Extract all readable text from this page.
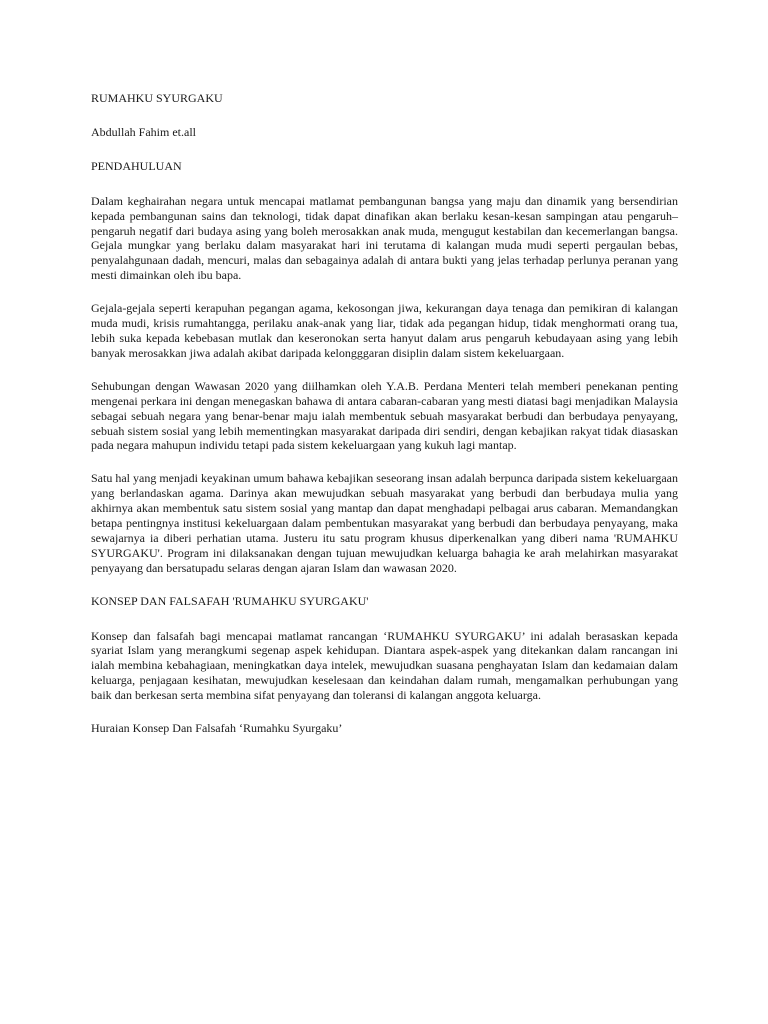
RUMAHKU SYURGAKU
Abdullah Fahim et.all
PENDAHULUAN

Dalam keghairahan negara untuk mencapai matlamat pembangunan bangsa yang maju dan dinamik yang bersendirian kepada pembangunan sains dan teknologi, tidak dapat dinafikan akan berlaku kesan-kesan sampingan atau pengaruh–pengaruh negatif dari budaya asing yang boleh merosakkan anak muda, mengugut kestabilan dan kecemerlangan bangsa. Gejala mungkar yang berlaku dalam masyarakat hari ini terutama di kalangan muda mudi seperti pergaulan bebas, penyalahgunaan dadah, mencuri, malas dan sebagainya adalah di antara bukti yang jelas terhadap perlunya peranan yang mesti dimainkan oleh ibu bapa.

Gejala-gejala seperti kerapuhan pegangan agama, kekosongan jiwa, kekurangan daya tenaga dan pemikiran di kalangan muda mudi, krisis rumahtangga, perilaku anak-anak yang liar, tidak ada pegangan hidup, tidak menghormati orang tua, lebih suka kepada kebebasan mutlak dan keseronokan serta hanyut dalam arus pengaruh kebudayaan asing yang lebih banyak merosakkan jiwa adalah akibat daripada kelongggaran disiplin dalam sistem kekeluargaan.

Sehubungan dengan Wawasan 2020 yang diilhamkan oleh Y.A.B. Perdana Menteri telah memberi penekanan penting mengenai perkara ini dengan menegaskan bahawa di antara cabaran-cabaran yang mesti diatasi bagi menjadikan Malaysia sebagai sebuah negara yang benar-benar maju ialah membentuk sebuah masyarakat berbudi dan berbudaya penyayang, sebuah sistem sosial yang lebih mementingkan masyarakat daripada diri sendiri, dengan kebajikan rakyat tidak diasaskan pada negara mahupun individu tetapi pada sistem kekeluargaan yang kukuh lagi mantap.

Satu hal yang menjadi keyakinan umum bahawa kebajikan seseorang insan adalah berpunca daripada sistem kekeluargaan yang berlandaskan agama. Darinya akan mewujudkan sebuah masyarakat yang berbudi dan berbudaya mulia yang akhirnya akan membentuk satu sistem sosial yang mantap dan dapat menghadapi pelbagai arus cabaran. Memandangkan betapa pentingnya institusi kekeluargaan dalam pembentukan masyarakat yang berbudi dan berbudaya penyayang, maka sewajarnya ia diberi perhatian utama. Justeru itu satu program khusus diperkenalkan yang diberi nama 'RUMAHKU SYURGAKU'. Program ini dilaksanakan dengan tujuan mewujudkan keluarga bahagia ke arah melahirkan masyarakat penyayang dan bersatupadu selaras dengan ajaran Islam dan wawasan 2020.

KONSEP DAN FALSAFAH 'RUMAHKU SYURGAKU'

Konsep dan falsafah bagi mencapai matlamat rancangan ‘RUMAHKU SYURGAKU’ ini adalah berasaskan kepada syariat Islam yang merangkumi segenap aspek kehidupan. Diantara aspek-aspek yang ditekankan dalam rancangan ini ialah membina kebahagiaan, meningkatkan daya intelek, mewujudkan suasana penghayatan Islam dan kedamaian dalam keluarga, penjagaan kesihatan, mewujudkan keselesaan dan keindahan dalam rumah, mengamalkan perhubungan yang baik dan berkesan serta membina sifat penyayang dan toleransi di kalangan anggota keluarga.

Huraian Konsep Dan Falsafah ‘Rumahku Syurgaku’
